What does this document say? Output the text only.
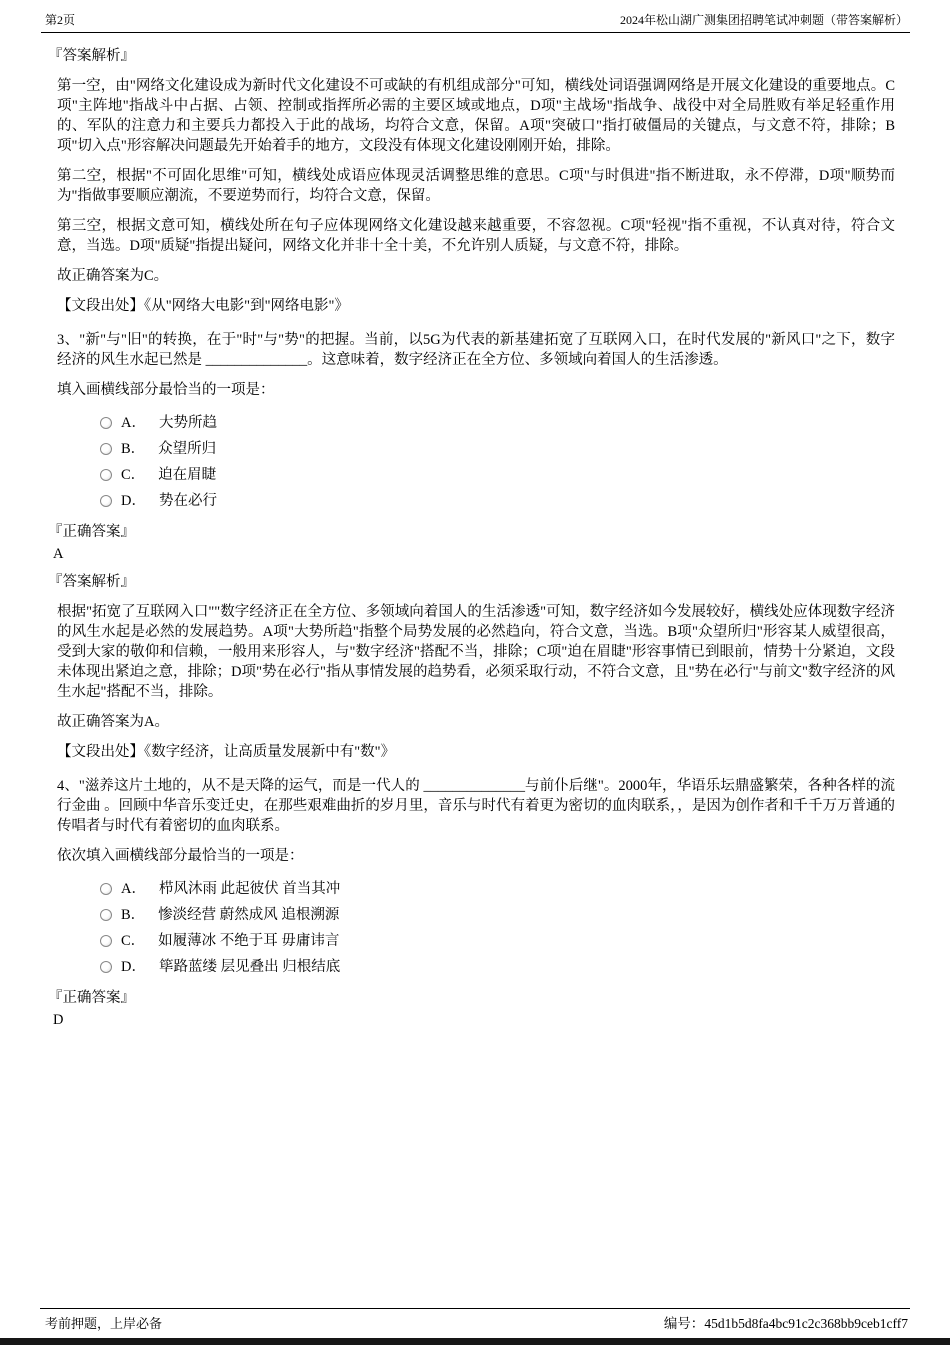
第2页	2024年松山湖广测集团招聘笔试冲刺题（带答案解析）

『答案解析』

第一空，由"网络文化建设成为新时代文化建设不可或缺的有机组成部分"可知，横线处词语强调网络是开展文化建设的重要地点。C项"主阵地"指战斗中占据、占领、控制或指挥所必需的主要区域或地点，D项"主战场"指战争、战役中对全局胜败有举足轻重作用的、军队的注意力和主要兵力都投入于此的战场，均符合文意，保留。A项"突破口"指打破僵局的关键点，与文意不符，排除；B项"切入点"形容解决问题最先开始着手的地方，文段没有体现文化建设刚刚开始，排除。

第二空，根据"不可固化思维"可知，横线处成语应体现灵活调整思维的意思。C项"与时俱进"指不断进取，永不停滞，D项"顺势而为"指做事要顺应潮流，不要逆势而行，均符合文意，保留。

第三空，根据文意可知，横线处所在句子应体现网络文化建设越来越重要，不容忽视。C项"轻视"指不重视，不认真对待，符合文意，当选。D项"质疑"指提出疑问，网络文化并非十全十美，不允许别人质疑，与文意不符，排除。

故正确答案为C。

【文段出处】《从"网络大电影"到"网络电影"》

3、"新"与"旧"的转换，在于"时"与"势"的把握。当前，以5G为代表的新基建拓宽了互联网入口，在时代发展的"新风口"之下，数字经济的风生水起已然是 ______________。这意味着，数字经济正在全方位、多领域向着国人的生活渗透。

填入画横线部分最恰当的一项是：

A． 大势所趋
B． 众望所归
C． 迫在眉睫
D． 势在必行

『正确答案』

A

『答案解析』

根据"拓宽了互联网入口""数字经济正在全方位、多领域向着国人的生活渗透"可知，数字经济如今发展较好，横线处应体现数字经济的风生水起是必然的发展趋势。A项"大势所趋"指整个局势发展的必然趋向，符合文意，当选。B项"众望所归"形容某人威望很高，受到大家的敬仰和信赖，一般用来形容人，与"数字经济"搭配不当，排除；C项"迫在眉睫"形容事情已到眼前，情势十分紧迫，文段未体现出紧迫之意，排除；D项"势在必行"指从事情发展的趋势看，必须采取行动，不符合文意，且"势在必行"与前文"数字经济的风生水起"搭配不当，排除。

故正确答案为A。

【文段出处】《数字经济，让高质量发展新中有"数"》

4、"滋养这片土地的，从不是天降的运气，而是一代人的 ______________与前仆后继"。2000年，华语乐坛鼎盛繁荣，各种各样的流行金曲 。回顾中华音乐变迁史，在那些艰难曲折的岁月里，音乐与时代有着更为密切的血肉联系，，是因为创作者和千千万万普通的传唱者与时代有着密切的血肉联系。

依次填入画横线部分最恰当的一项是：

A． 栉风沐雨 此起彼伏 首当其冲
B． 惨淡经营 蔚然成风 追根溯源
C． 如履薄冰 不绝于耳 毋庸讳言
D． 筚路蓝缕 层见叠出 归根结底

『正确答案』

D

考前押题，上岸必备	编号：45d1b5d8fa4bc91c2c368bb9ceb1cff7
